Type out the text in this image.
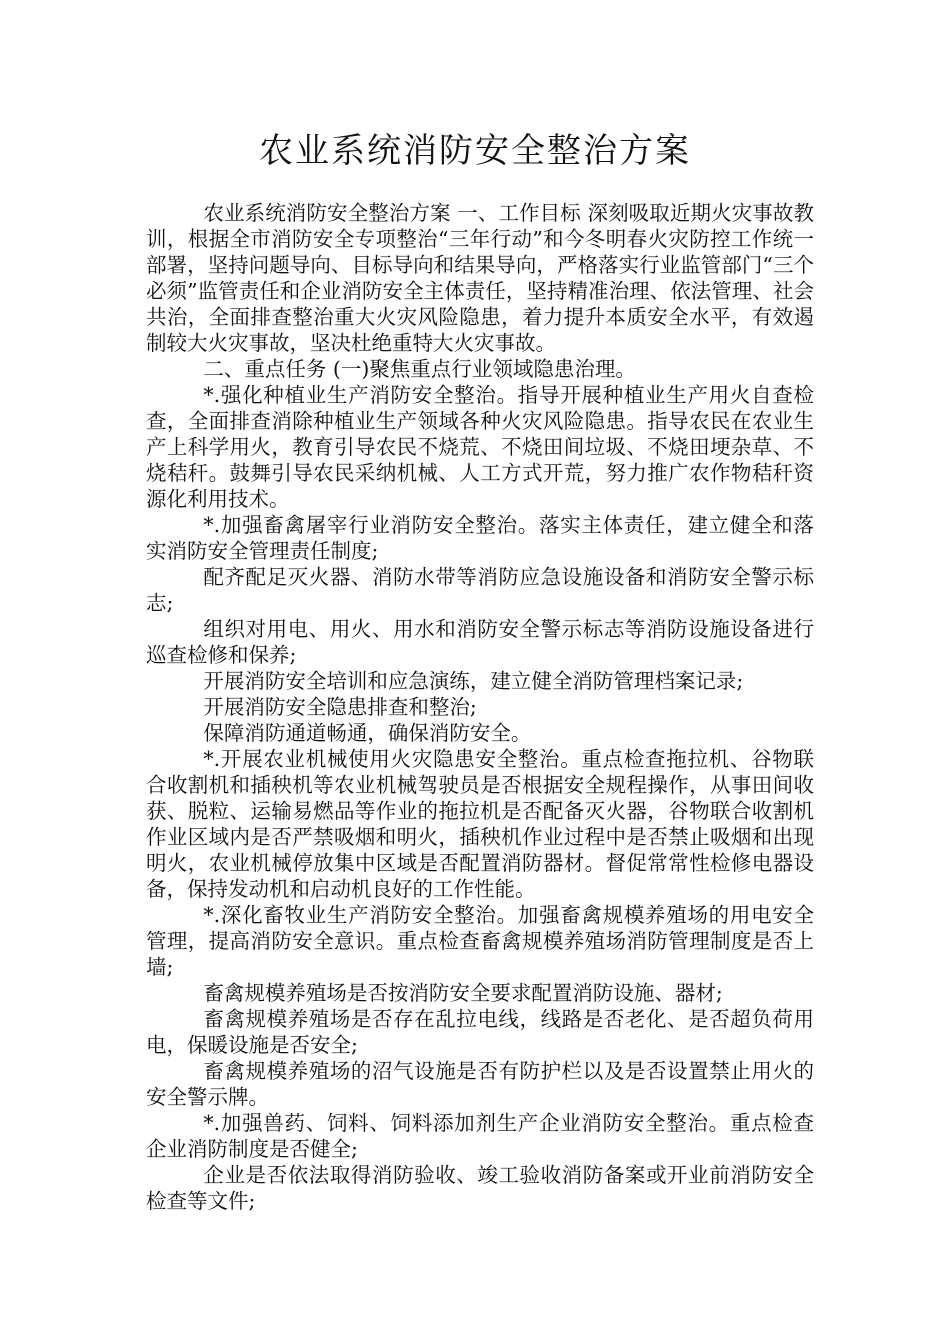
农业系统消防安全整治方案

农业系统消防安全整治方案 一、工作目标 深刻吸取近期火灾事故教训，根据全市消防安全专项整治“三年行动”和今冬明春火灾防控工作统一部署，坚持问题导向、目标导向和结果导向，严格落实行业监管部门“三个必须”监管责任和企业消防安全主体责任，坚持精准治理、依法管理、社会共治，全面排查整治重大火灾风险隐患，着力提升本质安全水平，有效遏制较大火灾事故，坚决杜绝重特大火灾事故。

二、重点任务 (一)聚焦重点行业领域隐患治理。

*.强化种植业生产消防安全整治。指导开展种植业生产用火自查检查，全面排查消除种植业生产领域各种火灾风险隐患。指导农民在农业生产上科学用火，教育引导农民不烧荒、不烧田间垃圾、不烧田埂杂草、不烧秸秆。鼓舞引导农民采纳机械、人工方式开荒，努力推广农作物秸秆资源化利用技术。

*.加强畜禽屠宰行业消防安全整治。落实主体责任，建立健全和落实消防安全管理责任制度;

配齐配足灭火器、消防水带等消防应急设施设备和消防安全警示标志;

组织对用电、用火、用水和消防安全警示标志等消防设施设备进行巡查检修和保养;

开展消防安全培训和应急演练，建立健全消防管理档案记录;

开展消防安全隐患排查和整治;

保障消防通道畅通，确保消防安全。

*.开展农业机械使用火灾隐患安全整治。重点检查拖拉机、谷物联合收割机和插秧机等农业机械驾驶员是否根据安全规程操作，从事田间收获、脱粒、运输易燃品等作业的拖拉机是否配备灭火器，谷物联合收割机作业区域内是否严禁吸烟和明火，插秧机作业过程中是否禁止吸烟和出现明火，农业机械停放集中区域是否配置消防器材。督促常常性检修电器设备，保持发动机和启动机良好的工作性能。

*.深化畜牧业生产消防安全整治。加强畜禽规模养殖场的用电安全管理，提高消防安全意识。重点检查畜禽规模养殖场消防管理制度是否上墙;

畜禽规模养殖场是否按消防安全要求配置消防设施、器材;

畜禽规模养殖场是否存在乱拉电线，线路是否老化、是否超负荷用电，保暖设施是否安全;

畜禽规模养殖场的沼气设施是否有防护栏以及是否设置禁止用火的安全警示牌。

*.加强兽药、饲料、饲料添加剂生产企业消防安全整治。重点检查企业消防制度是否健全;

企业是否依法取得消防验收、竣工验收消防备案或开业前消防安全检查等文件;
